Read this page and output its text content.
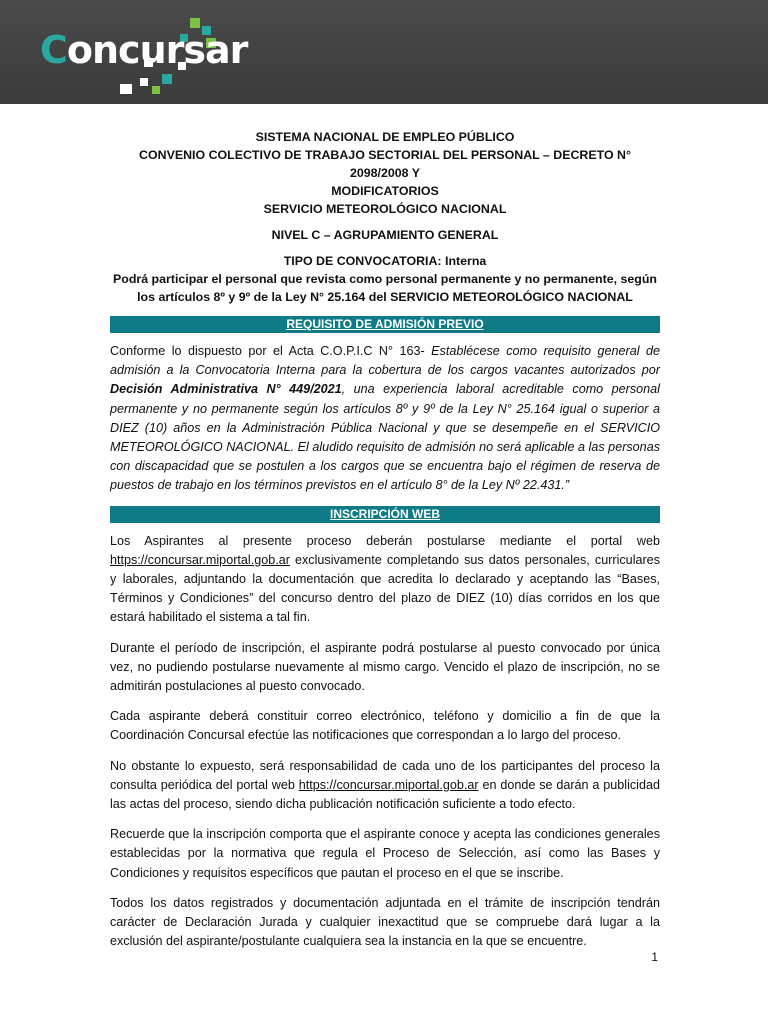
Concursar

SISTEMA NACIONAL DE EMPLEO PÚBLICO

CONVENIO COLECTIVO DE TRABAJO SECTORIAL DEL PERSONAL – DECRETO N° 2098/2008 Y

MODIFICATORIOS

SERVICIO METEOROLÓGICO NACIONAL

NIVEL C – AGRUPAMIENTO GENERAL

TIPO DE CONVOCATORIA: Interna

Podrá participar el personal que revista como personal permanente y no permanente, según

los artículos 8º y 9º de la Ley N° 25.164 del SERVICIO METEOROLÓGICO NACIONAL

REQUISITO DE ADMISIÓN PREVIO

Conforme lo dispuesto por el Acta C.O.P.I.C N° 163- Establécese como requisito general de admisión a la Convocatoria Interna para la cobertura de los cargos vacantes autorizados por Decisión Administrativa N° 449/2021, una experiencia laboral acreditable como personal permanente y no permanente según los artículos 8º y 9º de la Ley N° 25.164 igual o superior a DIEZ (10) años en la Administración Pública Nacional y que se desempeñe en el SERVICIO METEOROLÓGICO NACIONAL. El aludido requisito de admisión no será aplicable a las personas con discapacidad que se postulen a los cargos que se encuentra bajo el régimen de reserva de puestos de trabajo en los términos previstos en el artículo 8° de la Ley Nº 22.431.”

INSCRIPCIÓN WEB

Los Aspirantes al presente proceso deberán postularse mediante el portal web https://concursar.miportal.gob.ar exclusivamente completando sus datos personales, curriculares y laborales, adjuntando la documentación que acredita lo declarado y aceptando las “Bases, Términos y Condiciones” del concurso dentro del plazo de DIEZ (10) días corridos en los que estará habilitado el sistema a tal fin.

Durante el período de inscripción, el aspirante podrá postularse al puesto convocado por única vez, no pudiendo postularse nuevamente al mismo cargo. Vencido el plazo de inscripción, no se admitirán postulaciones al puesto convocado.

Cada aspirante deberá constituir correo electrónico, teléfono y domicilio a fin de que la Coordinación Concursal efectúe las notificaciones que correspondan a lo largo del proceso.

No obstante lo expuesto, será responsabilidad de cada uno de los participantes del proceso la consulta periódica del portal web https://concursar.miportal.gob.ar en donde se darán a publicidad las actas del proceso, siendo dicha publicación notificación suficiente a todo efecto.

Recuerde que la inscripción comporta que el aspirante conoce y acepta las condiciones generales establecidas por la normativa que regula el Proceso de Selección, así como las Bases y Condiciones y requisitos específicos que pautan el proceso en el que se inscribe.

Todos los datos registrados y documentación adjuntada en el trámite de inscripción tendrán carácter de Declaración Jurada y cualquier inexactitud que se compruebe dará lugar a la exclusión del aspirante/postulante cualquiera sea la instancia en la que se encuentre.

1
